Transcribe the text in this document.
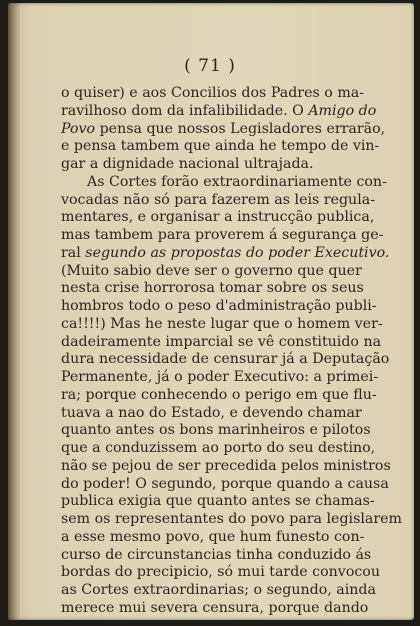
( 71 )
o quiser) e aos Concilios dos Padres o ma-
ravilhoso dom da infalibilidade. O Amigo do
Povo pensa que nossos Legisladores errarão,
e pensa tambem que ainda he tempo de vin-
gar a dignidade nacional ultrajada.
As Cortes forão extraordinariamente con-
vocadas não só para fazerem as leis regula-
mentares, e organisar a instrucção publica,
mas tambem para proverem á segurança ge-
ral segundo as propostas do poder Executivo.
(Muito sabio deve ser o governo que quer
nesta crise horrorosa tomar sobre os seus
hombros todo o peso d'administração publi-
ca!!!!) Mas he neste lugar que o homem ver-
dadeiramente imparcial se vê constituido na
dura necessidade de censurar já a Deputação
Permanente, já o poder Executivo: a primei-
ra; porque conhecendo o perigo em que flu-
tuava a nao do Estado, e devendo chamar
quanto antes os bons marinheiros e pilotos
que a conduzissem ao porto do seu destino,
não se pejou de ser precedida pelos ministros
do poder! O segundo, porque quando a causa
publica exigia que quanto antes se chamas-
sem os representantes do povo para legislarem
a esse mesmo povo, que hum funesto con-
curso de circunstancias tinha conduzido ás
bordas do precipicio, só mui tarde convocou
as Cortes extraordinarias; o segundo, ainda
merece mui severa censura, porque dando
